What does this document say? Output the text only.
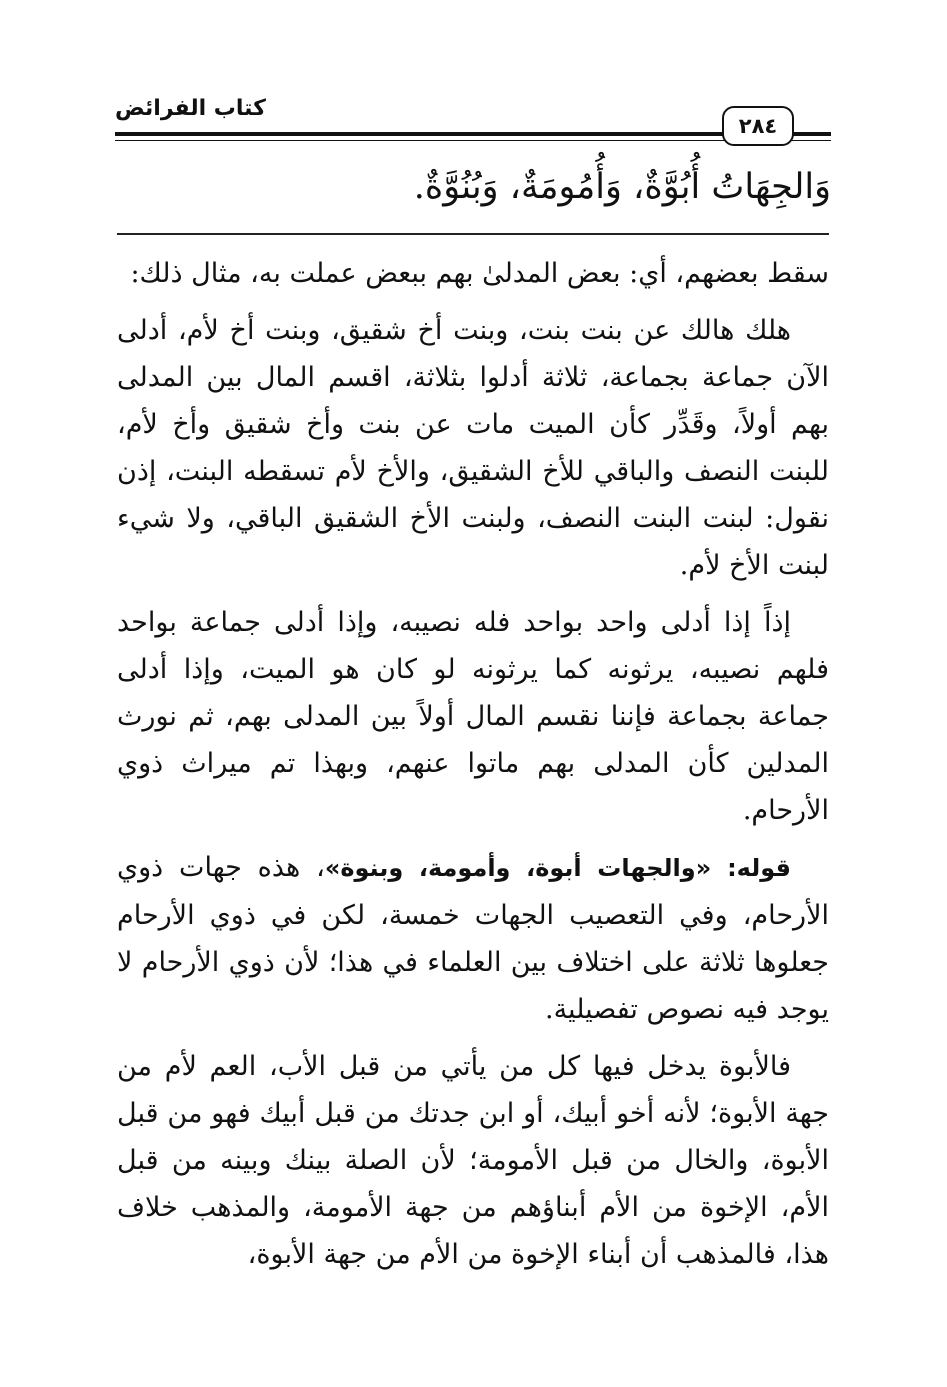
كتاب الفرائض
٢٨٤
وَالجِهَاتُ أُبُوَّةٌ، وَأُمُومَةٌ، وَبُنُوَّةٌ.

سقط بعضهم، أي: بعض المدلىٰ بهم ببعض عملت به، مثال ذلك:

هلك هالك عن بنت بنت، وبنت أخ شقيق، وبنت أخ لأم، أدلى الآن جماعة بجماعة، ثلاثة أدلوا بثلاثة، اقسم المال بين المدلى بهم أولاً، وقَدِّر كأن الميت مات عن بنت وأخ شقيق وأخ لأم، للبنت النصف والباقي للأخ الشقيق، والأخ لأم تسقطه البنت، إذن نقول: لبنت البنت النصف، ولبنت الأخ الشقيق الباقي، ولا شيء لبنت الأخ لأم.

إذاً إذا أدلى واحد بواحد فله نصيبه، وإذا أدلى جماعة بواحد فلهم نصيبه، يرثونه كما يرثونه لو كان هو الميت، وإذا أدلى جماعة بجماعة فإننا نقسم المال أولاً بين المدلى بهم، ثم نورث المدلين كأن المدلى بهم ماتوا عنهم، وبهذا تم ميراث ذوي الأرحام.

قوله: «والجهات أبوة، وأمومة، وبنوة»، هذه جهات ذوي الأرحام، وفي التعصيب الجهات خمسة، لكن في ذوي الأرحام جعلوها ثلاثة على اختلاف بين العلماء في هذا؛ لأن ذوي الأرحام لا يوجد فيه نصوص تفصيلية.

فالأبوة يدخل فيها كل من يأتي من قبل الأب، العم لأم من جهة الأبوة؛ لأنه أخو أبيك، أو ابن جدتك من قبل أبيك فهو من قبل الأبوة، والخال من قبل الأمومة؛ لأن الصلة بينك وبينه من قبل الأم، الإخوة من الأم أبناؤهم من جهة الأمومة، والمذهب خلاف هذا، فالمذهب أن أبناء الإخوة من الأم من جهة الأبوة،
